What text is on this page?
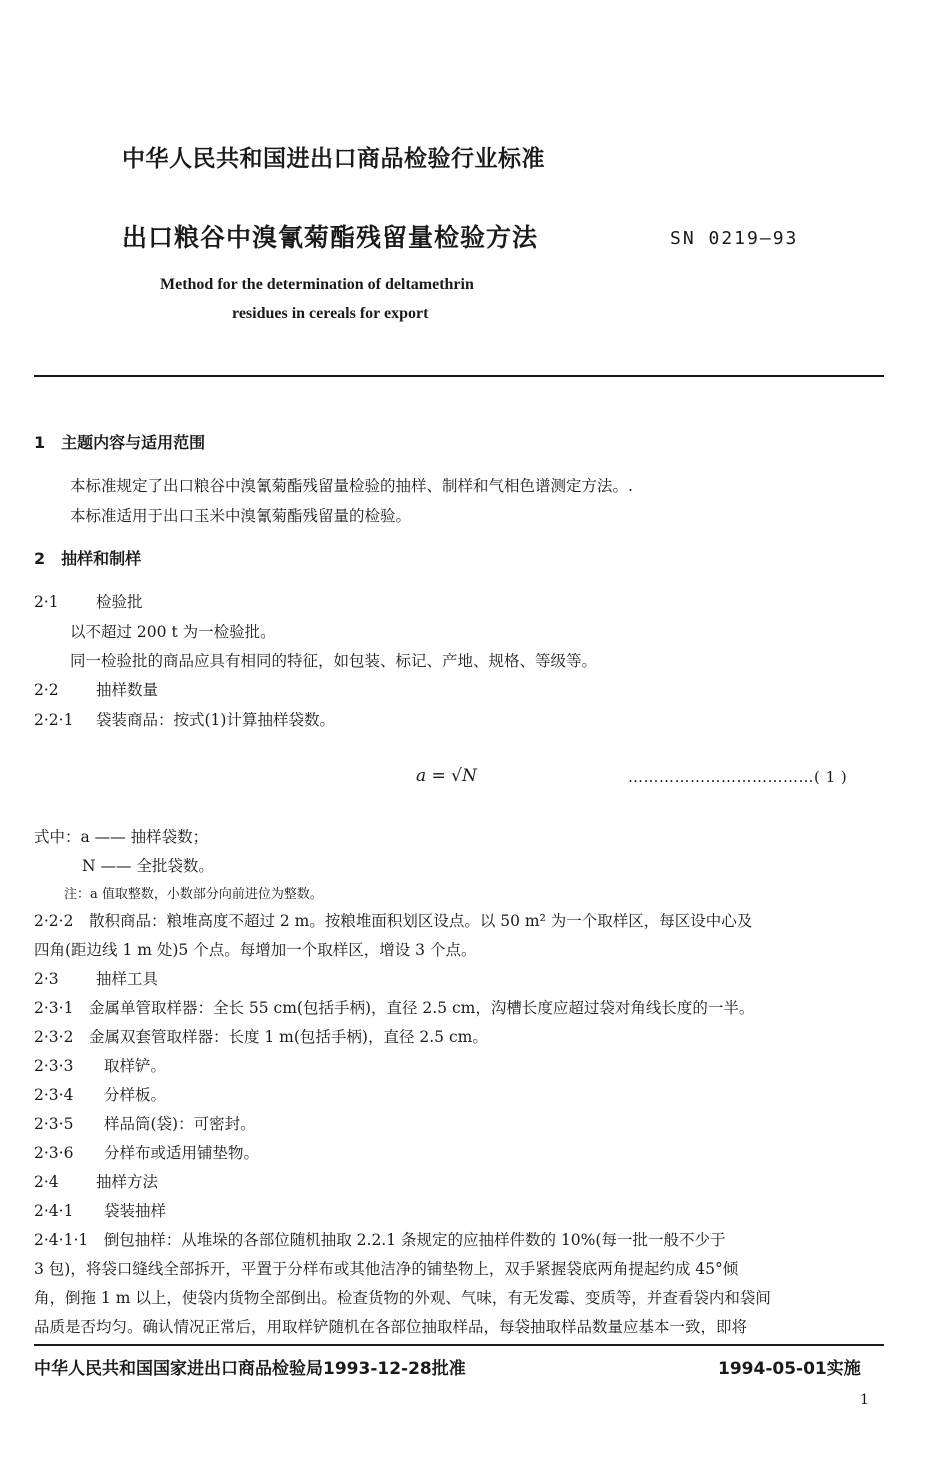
中华人民共和国进出口商品检验行业标准
出口粮谷中溴氰菊酯残留量检验方法	SN 0219—93
Method for the determination of deltamethrin
residues in cereals for export
1　主题内容与适用范围
本标准规定了出口粮谷中溴氰菊酯残留量检验的抽样、制样和气相色谱测定方法。.
本标准适用于出口玉米中溴氰菊酯残留量的检验。
2　抽样和制样
2·1 检验批
以不超过 200 t 为一检验批。
同一检验批的商品应具有相同的特征，如包装、标记、产地、规格、等级等。
2·2 抽样数量
2·2·1 袋装商品：按式(1)计算抽样袋数。
a = √N	………………………………( 1 )
式中：a —— 抽样袋数；
N —— 全批袋数。
注：a 值取整数，小数部分向前进位为整数。
2·2·2　散积商品：粮堆高度不超过 2 m。按粮堆面积划区设点。以 50 m² 为一个取样区，每区设中心及
四角(距边线 1 m 处)5 个点。每增加一个取样区，增设 3 个点。
2·3 抽样工具
2·3·1　金属单管取样器：全长 55 cm(包括手柄)，直径 2.5 cm，沟槽长度应超过袋对角线长度的一半。
2·3·2　金属双套管取样器：长度 1 m(包括手柄)，直径 2.5 cm。
2·3·3 取样铲。
2·3·4 分样板。
2·3·5 样品筒(袋)：可密封。
2·3·6 分样布或适用铺垫物。
2·4 抽样方法
2·4·1 袋装抽样
2·4·1·1　倒包抽样：从堆垛的各部位随机抽取 2.2.1 条规定的应抽样件数的 10%(每一批一般不少于
3 包)，将袋口缝线全部拆开，平置于分样布或其他洁净的铺垫物上，双手紧握袋底两角提起约成 45°倾
角，倒拖 1 m 以上，使袋内货物全部倒出。检查货物的外观、气味，有无发霉、变质等，并查看袋内和袋间
品质是否均匀。确认情况正常后，用取样铲随机在各部位抽取样品，每袋抽取样品数量应基本一致，即将
中华人民共和国国家进出口商品检验局1993-12-28批准	1994-05-01实施
1
